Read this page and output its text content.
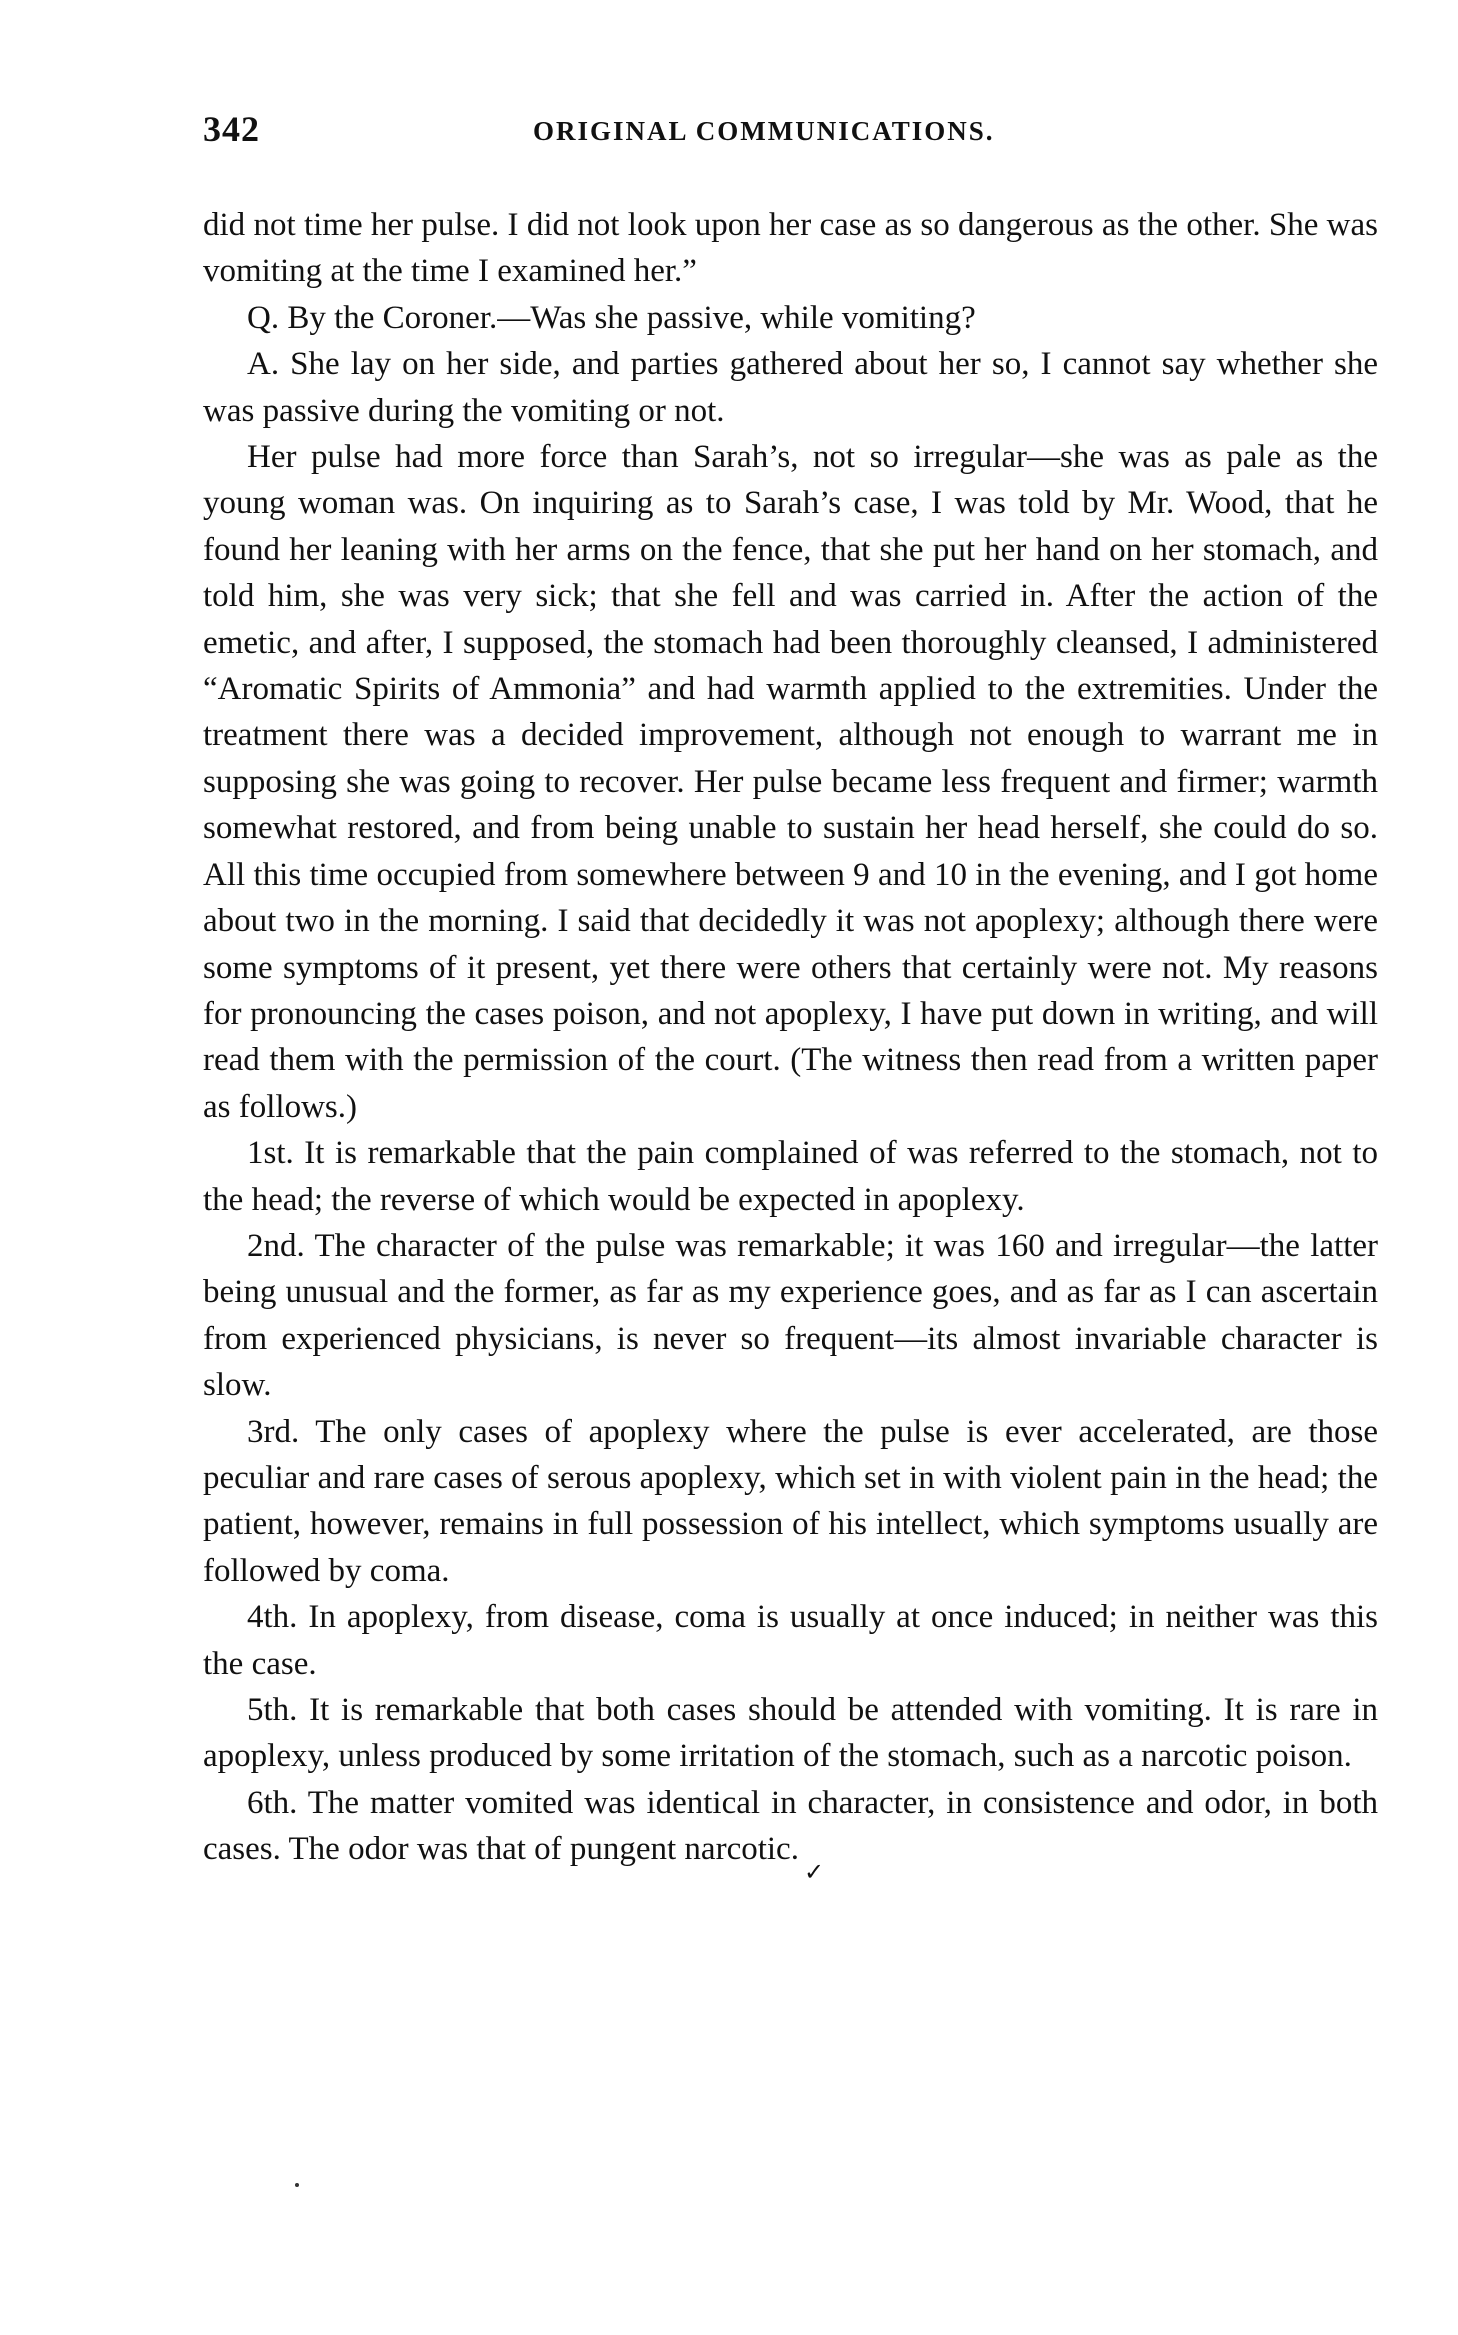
342	ORIGINAL COMMUNICATIONS.

did not time her pulse. I did not look upon her case as so dangerous as the other. She was vomiting at the time I examined her.”

Q. By the Coroner.—Was she passive, while vomiting?

A. She lay on her side, and parties gathered about her so, I cannot say whether she was passive during the vomiting or not.

Her pulse had more force than Sarah’s, not so irregular—she was as pale as the young woman was. On inquiring as to Sarah’s case, I was told by Mr. Wood, that he found her leaning with her arms on the fence, that she put her hand on her stomach, and told him, she was very sick; that she fell and was carried in. After the action of the emetic, and after, I supposed, the stomach had been thoroughly cleansed, I administered “Aromatic Spirits of Ammonia” and had warmth applied to the extremities. Under the treatment there was a decided improvement, although not enough to warrant me in supposing she was going to recover. Her pulse became less frequent and firmer; warmth somewhat restored, and from being unable to sustain her head herself, she could do so. All this time occupied from somewhere between 9 and 10 in the evening, and I got home about two in the morning. I said that decidedly it was not apoplexy; although there were some symptoms of it present, yet there were others that certainly were not. My reasons for pronouncing the cases poison, and not apoplexy, I have put down in writing, and will read them with the permission of the court. (The witness then read from a written paper as follows.)

1st. It is remarkable that the pain complained of was referred to the stomach, not to the head; the reverse of which would be expected in apoplexy.

2nd. The character of the pulse was remarkable; it was 160 and irregular—the latter being unusual and the former, as far as my experience goes, and as far as I can ascertain from experienced physicians, is never so frequent—its almost invariable character is slow.

3rd. The only cases of apoplexy where the pulse is ever accelerated, are those peculiar and rare cases of serous apoplexy, which set in with violent pain in the head; the patient, however, remains in full possession of his intellect, which symptoms usually are followed by coma.

4th. In apoplexy, from disease, coma is usually at once induced; in neither was this the case.

5th. It is remarkable that both cases should be attended with vomiting. It is rare in apoplexy, unless produced by some irritation of the stomach, such as a narcotic poison.

6th. The matter vomited was identical in character, in consistence and odor, in both cases. The odor was that of pungent narcotic.

✓
